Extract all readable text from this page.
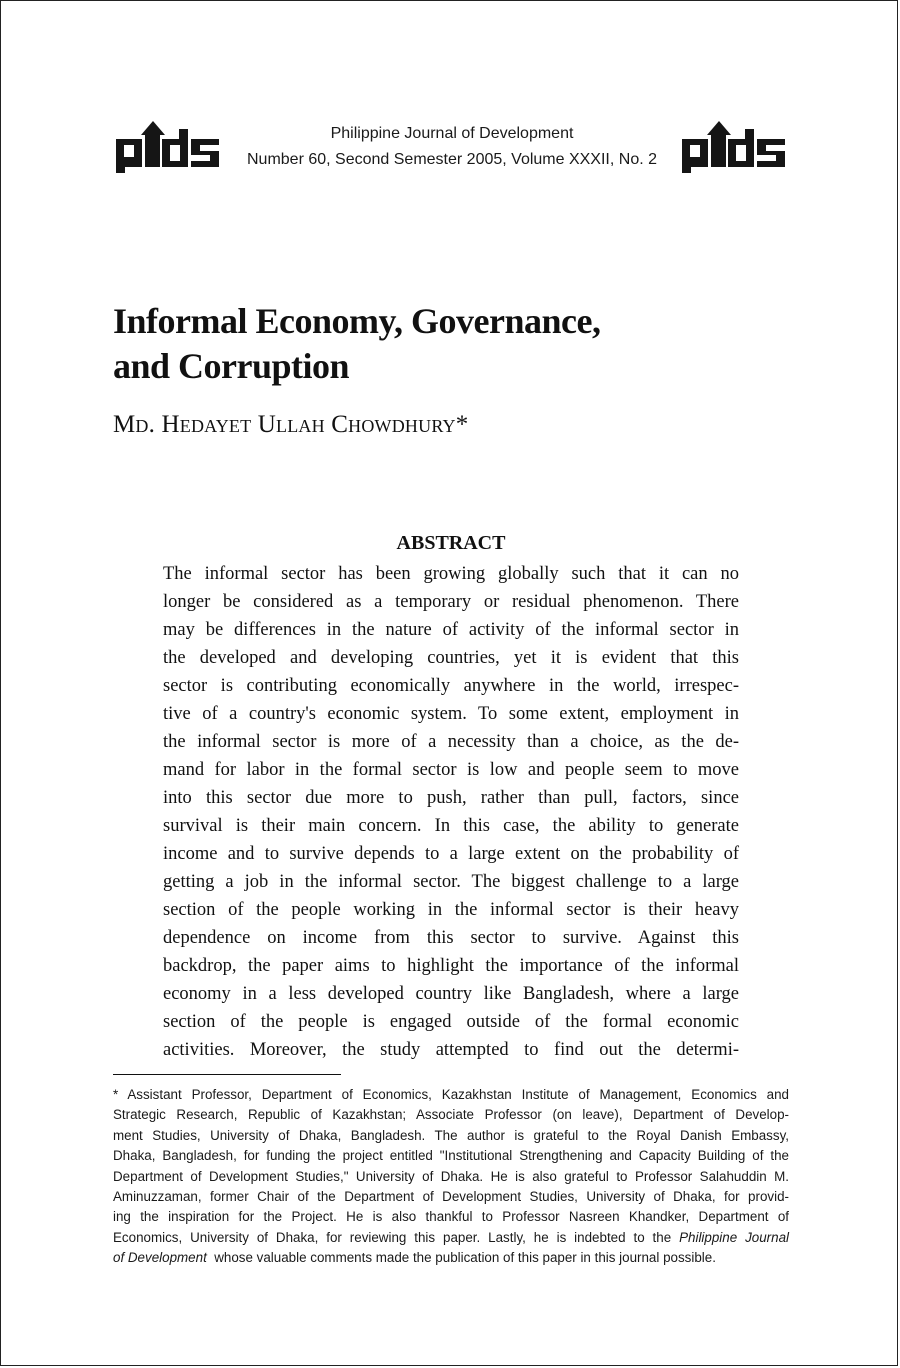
Philippine Journal of Development
Number 60, Second Semester 2005, Volume XXXII, No. 2
Informal Economy, Governance,
and Corruption
Md. Hedayet Ullah Chowdhury*
ABSTRACT
The informal sector has been growing globally such that it can no
longer be considered as a temporary or residual phenomenon. There
may be differences in the nature of activity of the informal sector in
the developed and developing countries, yet it is evident that this
sector is contributing economically anywhere in the world, irrespec-
tive of a country's economic system. To some extent, employment in
the informal sector is more of a necessity than a choice, as the de-
mand for labor in the formal sector is low and people seem to move
into this sector due more to push, rather than pull, factors, since
survival is their main concern. In this case, the ability to generate
income and to survive depends to a large extent on the probability of
getting a job in the informal sector. The biggest challenge to a large
section of the people working in the informal sector is their heavy
dependence on income from this sector to survive. Against this
backdrop, the paper aims to highlight the importance of the informal
economy in a less developed country like Bangladesh, where a large
section of the people is engaged outside of the formal economic
activities. Moreover, the study attempted to find out the determi-
* Assistant Professor, Department of Economics, Kazakhstan Institute of Management, Economics and
Strategic Research, Republic of Kazakhstan; Associate Professor (on leave), Department of Develop-
ment Studies, University of Dhaka, Bangladesh. The author is grateful to the Royal Danish Embassy,
Dhaka, Bangladesh, for funding the project entitled "Institutional Strengthening and Capacity Building of the
Department of Development Studies," University of Dhaka. He is also grateful to Professor Salahuddin M.
Aminuzzaman, former Chair of the Department of Development Studies, University of Dhaka, for provid-
ing the inspiration for the Project. He is also thankful to Professor Nasreen Khandker, Department of
Economics, University of Dhaka, for reviewing this paper. Lastly, he is indebted to the Philippine Journal
of Development  whose valuable comments made the publication of this paper in this journal possible.
